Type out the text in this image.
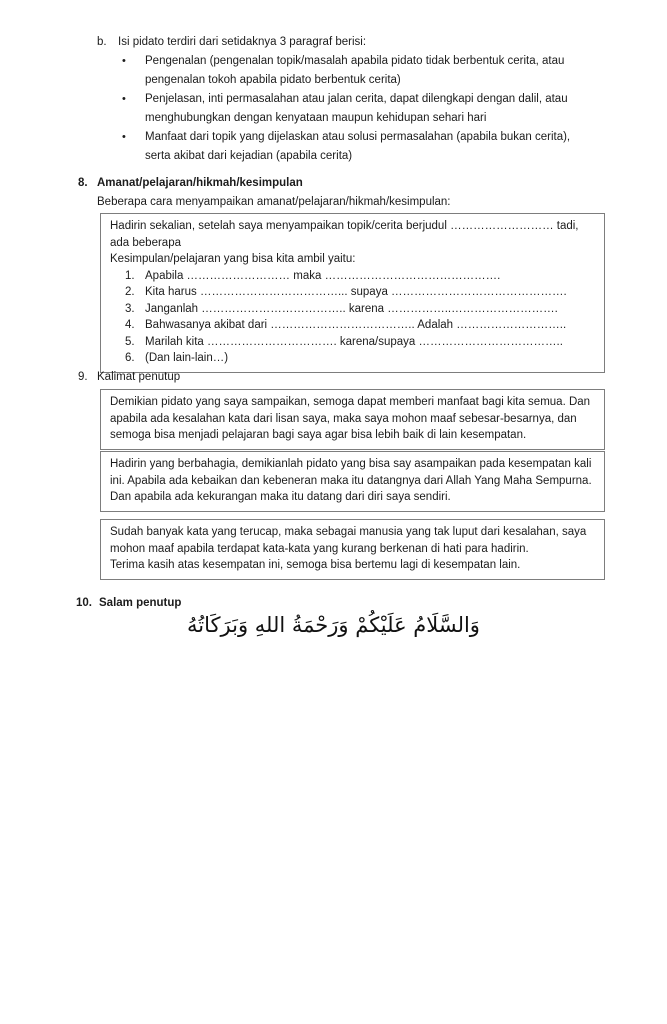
b. Isi pidato terdiri dari setidaknya 3 paragraf berisi:
•	Pengenalan (pengenalan topik/masalah apabila pidato tidak berbentuk cerita, atau pengenalan tokoh apabila pidato berbentuk cerita)
•	Penjelasan, inti permasalahan atau jalan cerita, dapat dilengkapi dengan dalil, atau menghubungkan dengan kenyataan maupun kehidupan sehari hari
•	Manfaat dari topik yang dijelaskan atau solusi permasalahan (apabila bukan cerita), serta akibat dari kejadian (apabila cerita)
8. Amanat/pelajaran/hikmah/kesimpulan
Beberapa cara menyampaikan amanat/pelajaran/hikmah/kesimpulan:
Hadirin sekalian, setelah saya menyampaikan topik/cerita berjudul ……………………… tadi, ada beberapa
Kesimpulan/pelajaran yang bisa kita ambil yaitu:
1. Apabila ……………………… maka ……………………………………….
2. Kita harus ………………………………... supaya ……………………………………….
3. Janganlah ……………………………….. karena ……………..……………………….
4. Bahwasanya akibat dari ……………………………….. Adalah ………………………..
5. Marilah kita ……………………………. karena/supaya ………………………………..
6. (Dan lain-lain…)
9. Kalimat penutup
Demikian pidato yang saya sampaikan, semoga dapat memberi manfaat bagi kita semua. Dan apabila ada kesalahan kata dari lisan saya, maka saya mohon maaf sebesar-besarnya, dan semoga bisa menjadi pelajaran bagi saya agar bisa lebih baik di lain kesempatan.
Hadirin yang berbahagia, demikianlah pidato yang bisa say asampaikan pada kesempatan kali ini. Apabila ada kebaikan dan kebeneran maka itu datangnya dari Allah Yang Maha Sempurna. Dan apabila ada kekurangan maka itu datang dari diri saya sendiri.
Sudah banyak kata yang terucap, maka sebagai manusia yang tak luput dari kesalahan, saya mohon maaf apabila terdapat kata-kata yang kurang berkenan di hati para hadirin.
Terima kasih atas kesempatan ini, semoga bisa bertemu lagi di kesempatan lain.
10. Salam penutup
وَالسَّلَامُ عَلَيْكُمْ وَرَحْمَةُ اللهِ وَبَرَكَاتُهُ
